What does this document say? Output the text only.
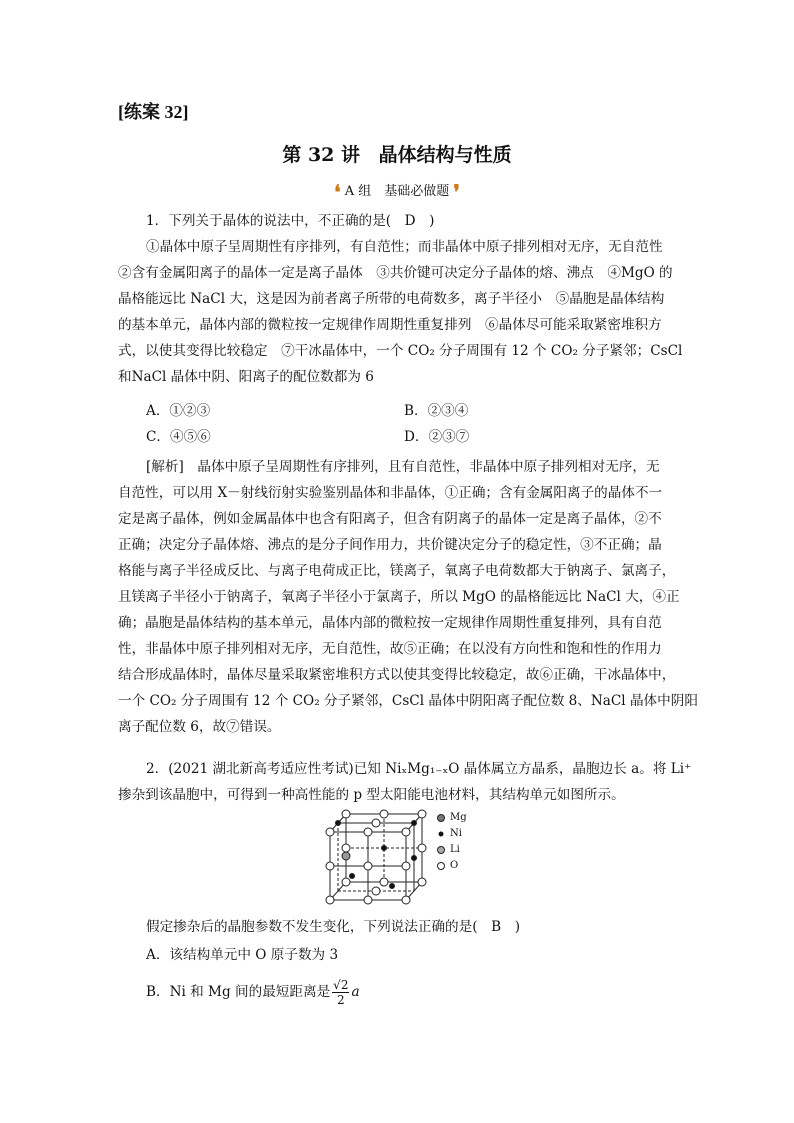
[练案 32]
第 32 讲 晶体结构与性质
❛ A 组　基础必做题 ❜
1．下列关于晶体的说法中，不正确的是(　D　)
①晶体中原子呈周期性有序排列，有自范性；而非晶体中原子排列相对无序，无自范性
②含有金属阳离子的晶体一定是离子晶体　③共价键可决定分子晶体的熔、沸点　④MgO 的
晶格能远比 NaCl 大，这是因为前者离子所带的电荷数多，离子半径小　⑤晶胞是晶体结构
的基本单元，晶体内部的微粒按一定规律作周期性重复排列　⑥晶体尽可能采取紧密堆积方
式，以使其变得比较稳定　⑦干冰晶体中，一个 CO₂ 分子周围有 12 个 CO₂ 分子紧邻；CsCl
和NaCl 晶体中阴、阳离子的配位数都为 6
A．①②③	B．②③④
C．④⑤⑥	D．②③⑦
[解析]　晶体中原子呈周期性有序排列，且有自范性，非晶体中原子排列相对无序，无
自范性，可以用 X－射线衍射实验鉴别晶体和非晶体，①正确；含有金属阳离子的晶体不一
定是离子晶体，例如金属晶体中也含有阳离子，但含有阴离子的晶体一定是离子晶体，②不
正确；决定分子晶体熔、沸点的是分子间作用力，共价键决定分子的稳定性，③不正确；晶
格能与离子半径成反比、与离子电荷成正比，镁离子，氧离子电荷数都大于钠离子、氯离子，
且镁离子半径小于钠离子，氧离子半径小于氯离子，所以 MgO 的晶格能远比 NaCl 大，④正
确；晶胞是晶体结构的基本单元，晶体内部的微粒按一定规律作周期性重复排列，具有自范
性，非晶体中原子排列相对无序，无自范性，故⑤正确；在以没有方向性和饱和性的作用力
结合形成晶体时，晶体尽量采取紧密堆积方式以使其变得比较稳定，故⑥正确，干冰晶体中，
一个 CO₂ 分子周围有 12 个 CO₂ 分子紧邻，CsCl 晶体中阴阳离子配位数 8、NaCl 晶体中阴阳
离子配位数 6，故⑦错误。
2．(2021 湖北新高考适应性考试)已知 NiₓMg₁₋ₓO 晶体属立方晶系，晶胞边长 a。将 Li⁺
掺杂到该晶胞中，可得到一种高性能的 p 型太阳能电池材料，其结构单元如图所示。
Mg
Ni
Li
O
假定掺杂后的晶胞参数不发生变化，下列说法正确的是(　B　)
A．该结构单元中 O 原子数为 3
B．Ni 和 Mg 间的最短距离是 $\frac{√2}{2}$ a
